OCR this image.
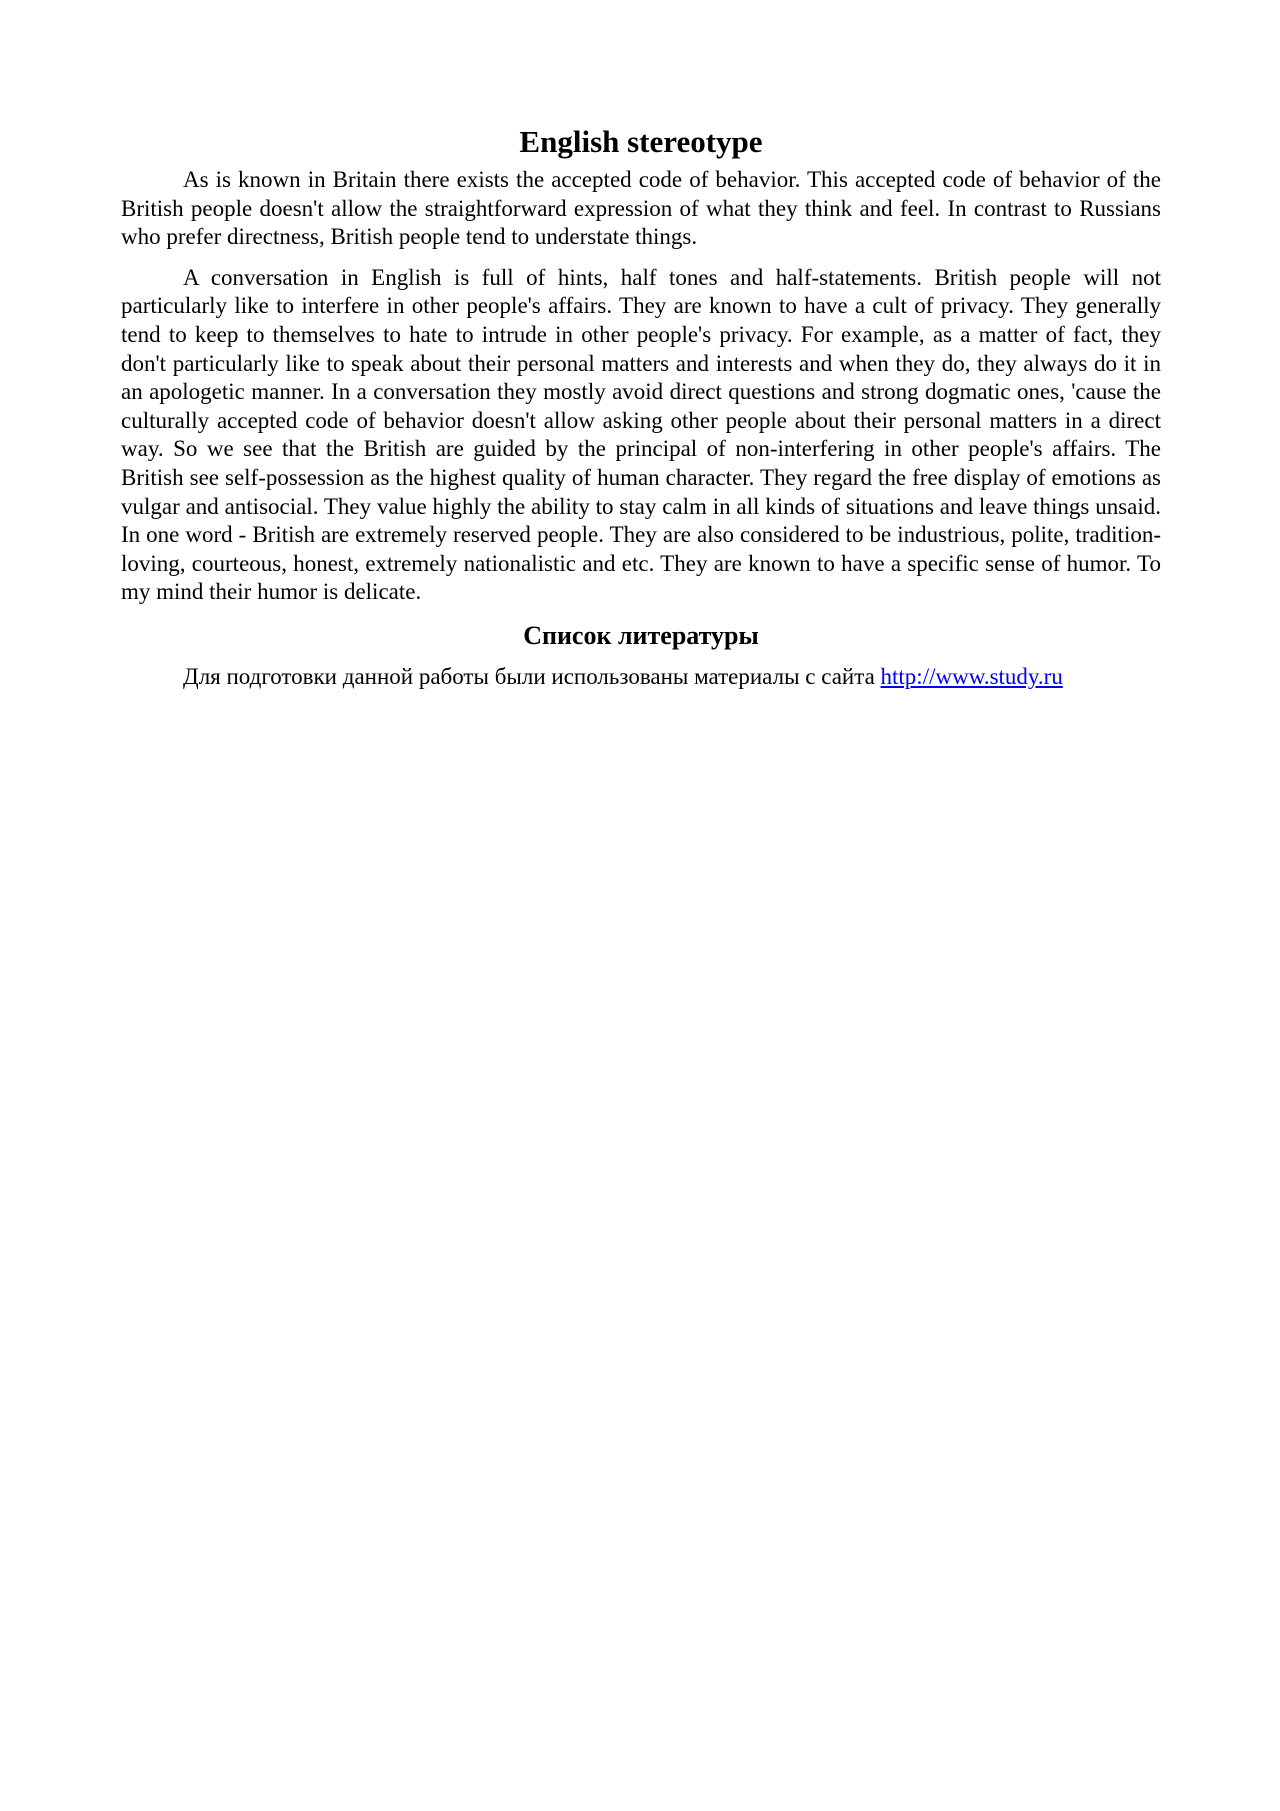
English stereotype

As is known in Britain there exists the accepted code of behavior. This accepted code of behavior of the British people doesn't allow the straightforward expression of what they think and feel. In contrast to Russians who prefer directness, British people tend to understate things.

A conversation in English is full of hints, half tones and half-statements. British people will not particularly like to interfere in other people's affairs. They are known to have a cult of privacy. They generally tend to keep to themselves to hate to intrude in other people's privacy. For example, as a matter of fact, they don't particularly like to speak about their personal matters and interests and when they do, they always do it in an apologetic manner. In a conversation they mostly avoid direct questions and strong dogmatic ones, 'cause the culturally accepted code of behavior doesn't allow asking other people about their personal matters in a direct way. So we see that the British are guided by the principal of non-interfering in other people's affairs. The British see self-possession as the highest quality of human character. They regard the free display of emotions as vulgar and antisocial. They value highly the ability to stay calm in all kinds of situations and leave things unsaid. In one word - British are extremely reserved people. They are also considered to be industrious, polite, tradition-loving, courteous, honest, extremely nationalistic and etc. They are known to have a specific sense of humor. To my mind their humor is delicate.

Список литературы

Для подготовки данной работы были использованы материалы с сайта http://www.study.ru
